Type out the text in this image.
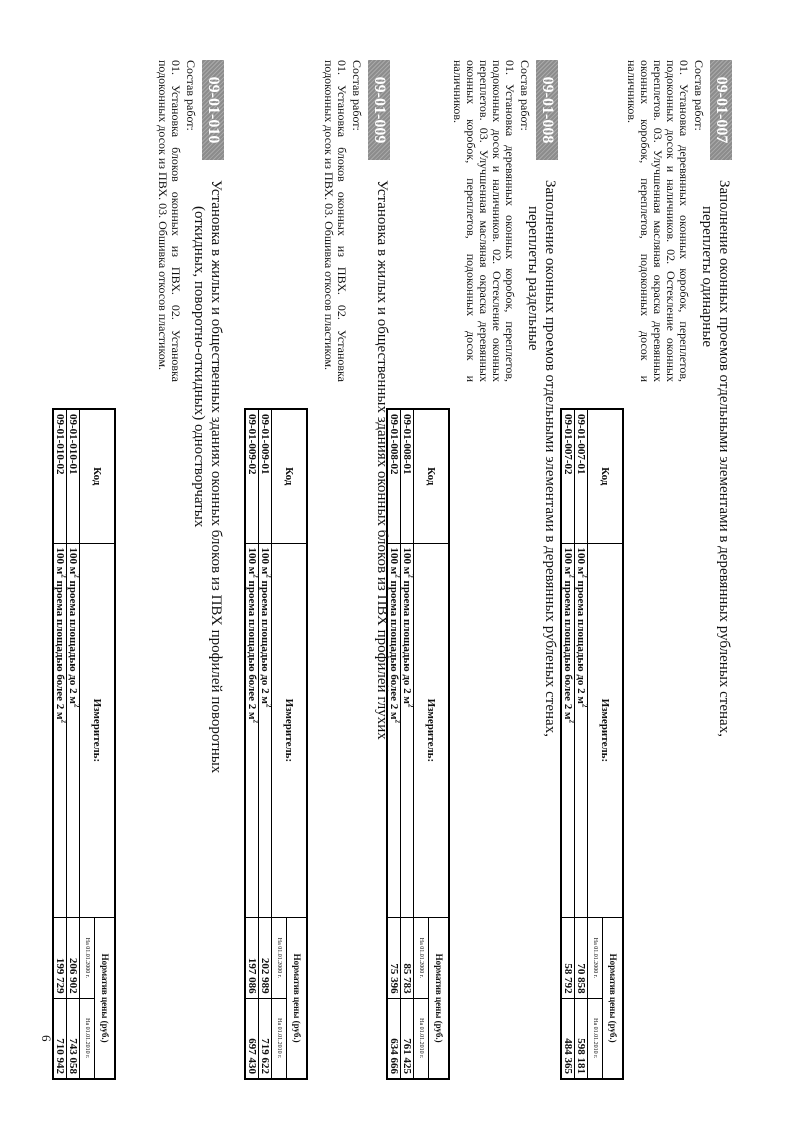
09-01-007
Заполнение оконных проемов отдельными элементами в деревянных рубленых стенах,
переплеты одинарные
Состав работ:
01. Установка деревянных оконных коробок, переплетов, подоконных досок и наличников. 02. Остекление оконных переплетов. 03. Улучшенная масляная окраска деревянных оконных коробок, переплетов, подоконных досок и наличников.
Код	Измеритель:	Норматив цены (руб.)	
		На 01.01.2000 г.	На 01.01.2010 г.
09-01-007-01	100 $м^2$ проема площадью до 2 $м^2$	70 858	598 181
09-01-007-02	100 $м^2$ проема площадью более 2 $м^2$	58 792	484 365
09-01-008
Заполнение оконных проемов отдельными элементами в деревянных рубленых стенах,
переплеты раздельные
Состав работ:
01. Установка деревянных оконных коробок, переплетов, подоконных досок и наличников. 02. Остекление оконных переплетов. 03. Улучшенная масляная окраска деревянных оконных коробок, переплетов, подоконных досок и наличников.
Код	Измеритель:	Норматив цены (руб.)	
		На 01.01.2000 г.	На 01.01.2010 г.
09-01-008-01	100 $м^2$ проема площадью до 2 $м^2$	85 783	761 425
09-01-008-02	100 $м^2$ проема площадью более 2 $м^2$	75 396	634 666
09-01-009
Установка в жилых и общественных зданиях оконных блоков из ПВХ профилей глухих
Состав работ:
01. Установка блоков оконных из ПВХ. 02. Установка подоконных досок из ПВХ. 03. Обшивка откосов пластиком.
Код	Измеритель:	Норматив цены (руб.)	
		На 01.01.2000 г.	На 01.01.2010 г.
09-01-009-01	100 $м^2$ проема площадью до 2 $м^2$	202 989	719 622
09-01-009-02	100 $м^2$ проема площадью более 2 $м^2$	197 086	697 430
09-01-010
Установка в жилых и общественных зданиях оконных блоков из ПВХ профилей поворотных
(откидных, поворотно-откидных) одностворчатых
Состав работ:
01. Установка блоков оконных из ПВХ. 02. Установка подоконных досок из ПВХ. 03. Обшивка откосов пластиком.
Код	Измеритель:	Норматив цены (руб.)	
		На 01.01.2000 г.	На 01.01.2010 г.
09-01-010-01	100 $м^2$ проема площадью до 2 $м^2$	206 902	743 058
09-01-010-02	100 $м^2$ проема площадью более 2 $м^2$	199 729	710 942
6
